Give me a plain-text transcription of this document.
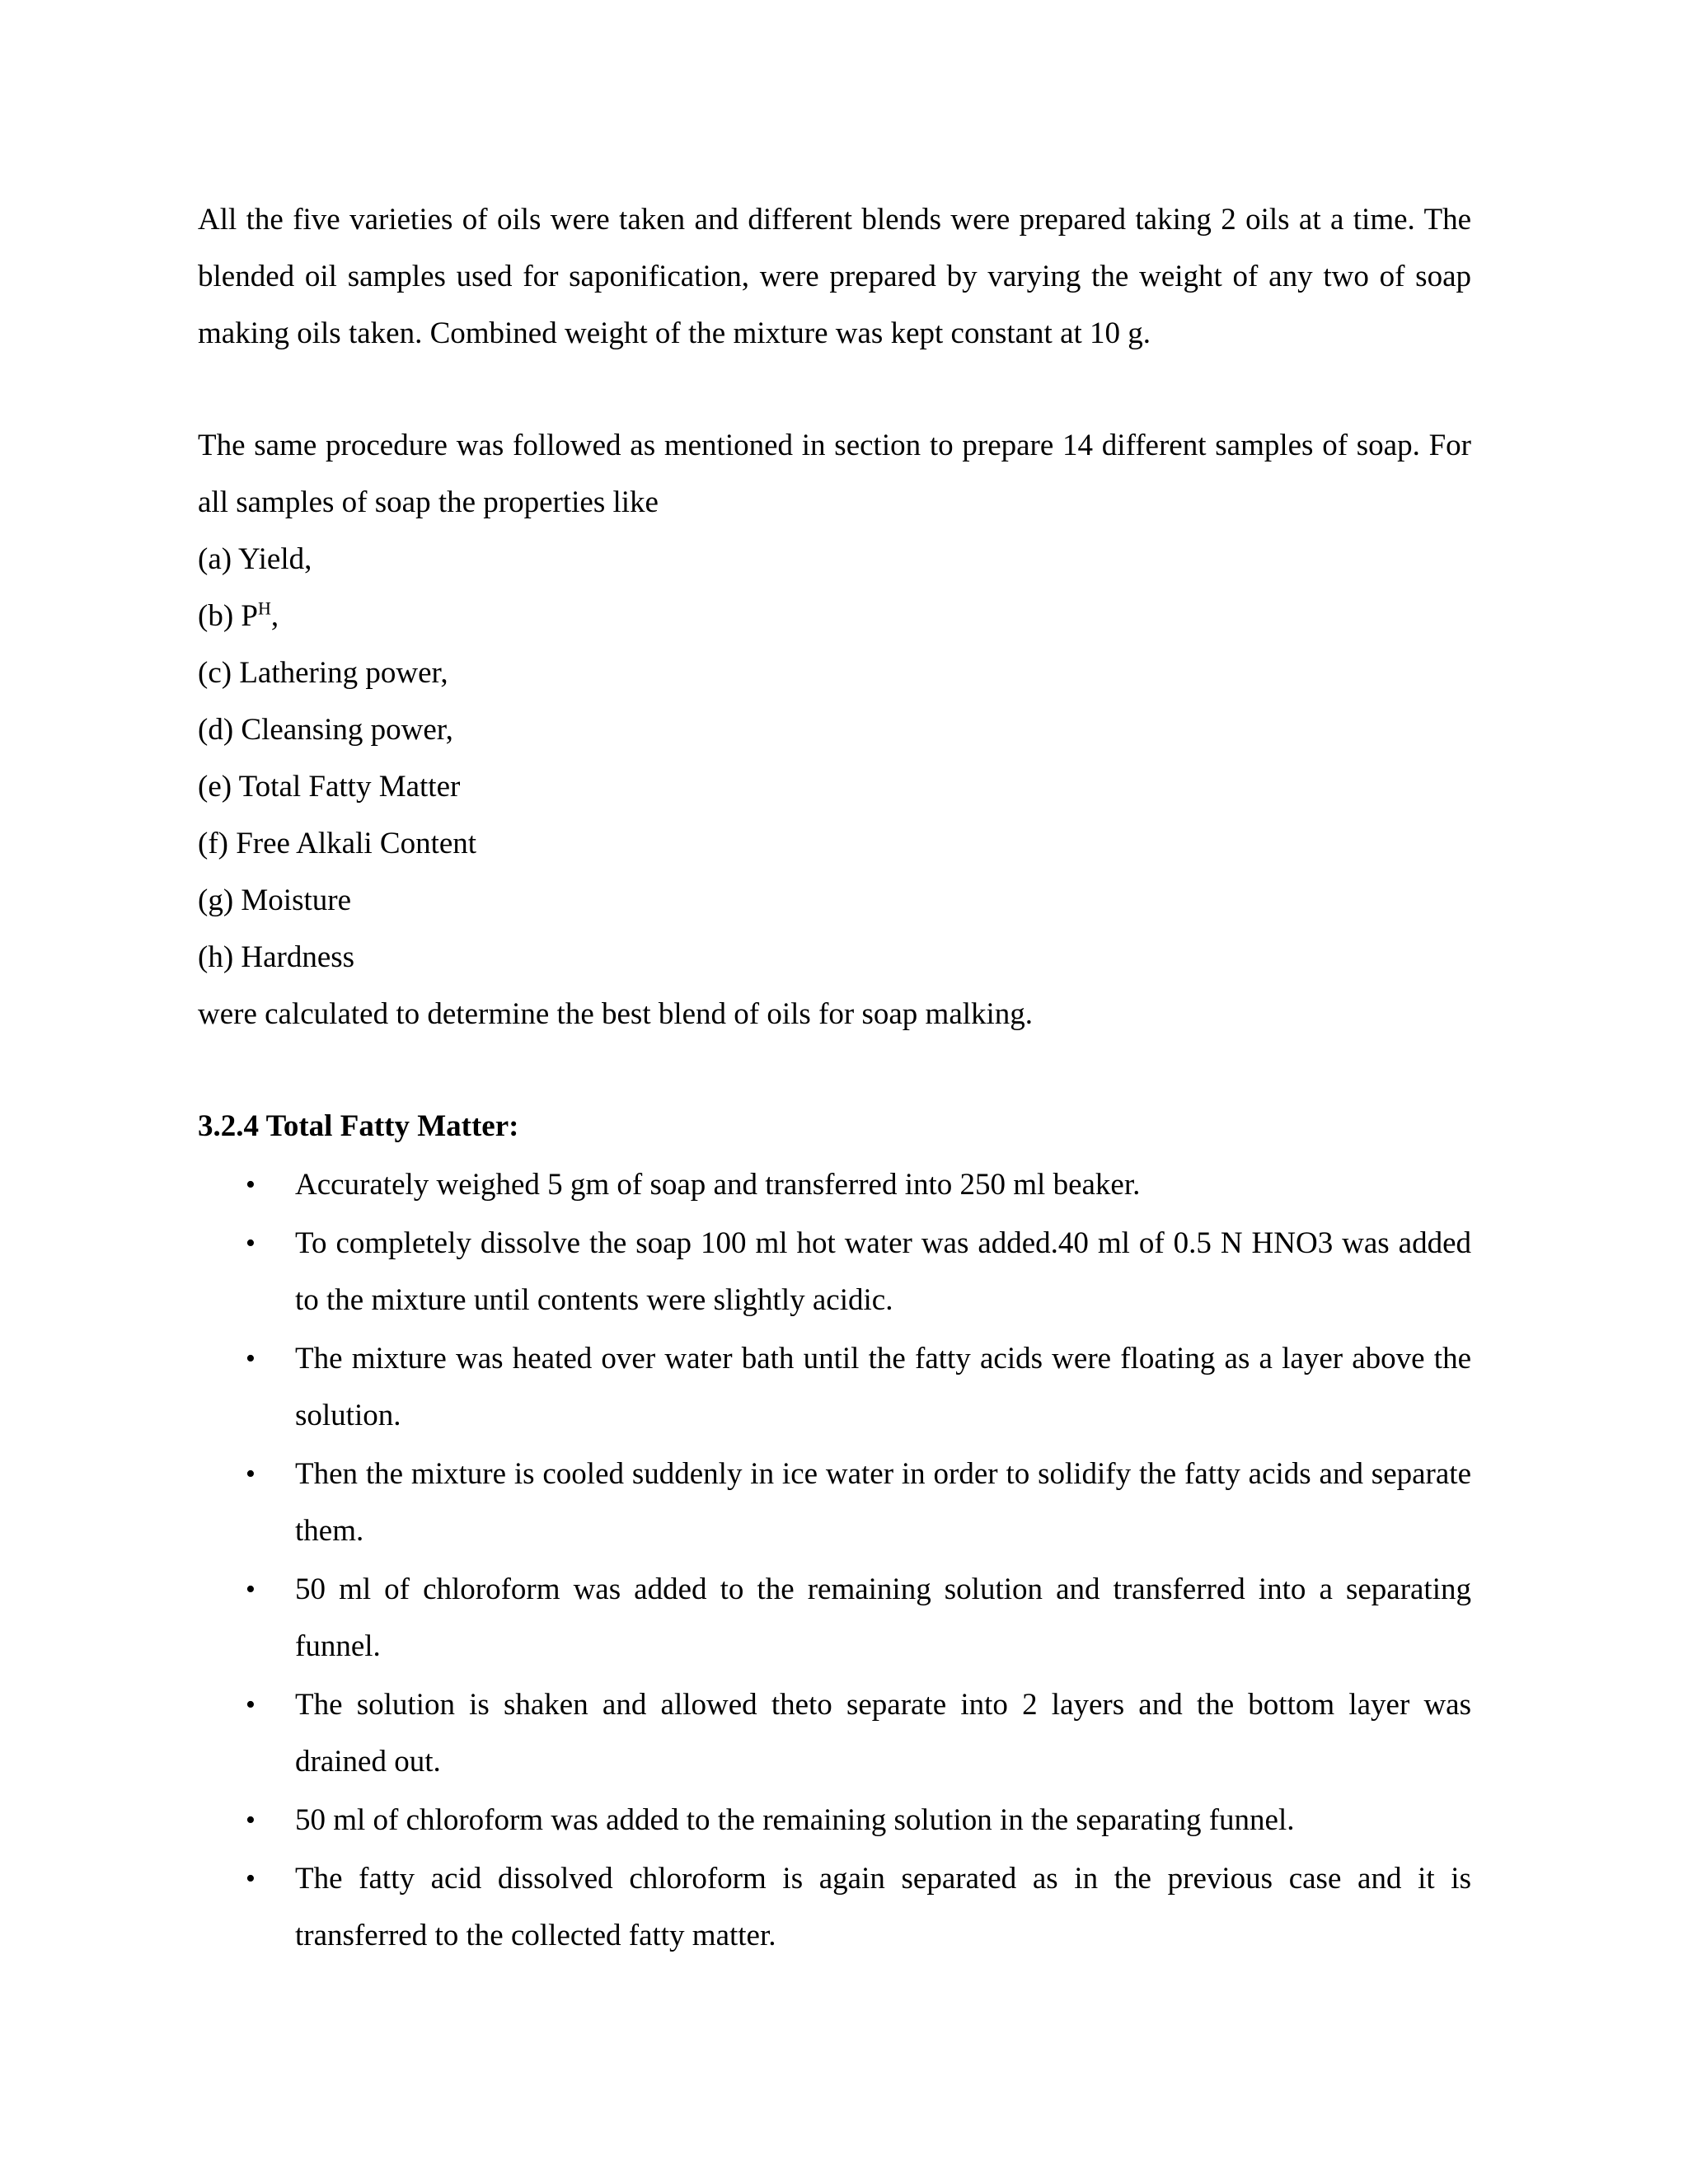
All the five varieties of oils were taken and different blends were prepared taking 2 oils at a time. The blended oil samples used for saponification, were prepared by varying the weight of any two of soap making oils taken. Combined weight of the mixture was kept constant at 10 g.

The same procedure was followed as mentioned in section to prepare 14 different samples of soap. For all samples of soap the properties like

(a) Yield,

(b) $P^H$,

(c) Lathering power,

(d) Cleansing power,

(e) Total Fatty Matter

(f) Free Alkali Content

(g) Moisture

(h) Hardness

were calculated to determine the best blend of oils for soap malking.

3.2.4 Total Fatty Matter:

• Accurately weighed 5 gm of soap and transferred into 250 ml beaker.
• To completely dissolve the soap 100 ml hot water was added.40 ml of 0.5 N HNO3 was added to the mixture until contents were slightly acidic.
• The mixture was heated over water bath until the fatty acids were floating as a layer above the solution.
• Then the mixture is cooled suddenly in ice water in order to solidify the fatty acids and separate them.
• 50 ml of chloroform was added to the remaining solution and transferred into a separating funnel.
• The solution is shaken and allowed theto separate into 2 layers and the bottom layer was drained out.
• 50 ml of chloroform was added to the remaining solution in the separating funnel.
• The fatty acid dissolved chloroform is again separated as in the previous case and it is transferred to the collected fatty matter.
